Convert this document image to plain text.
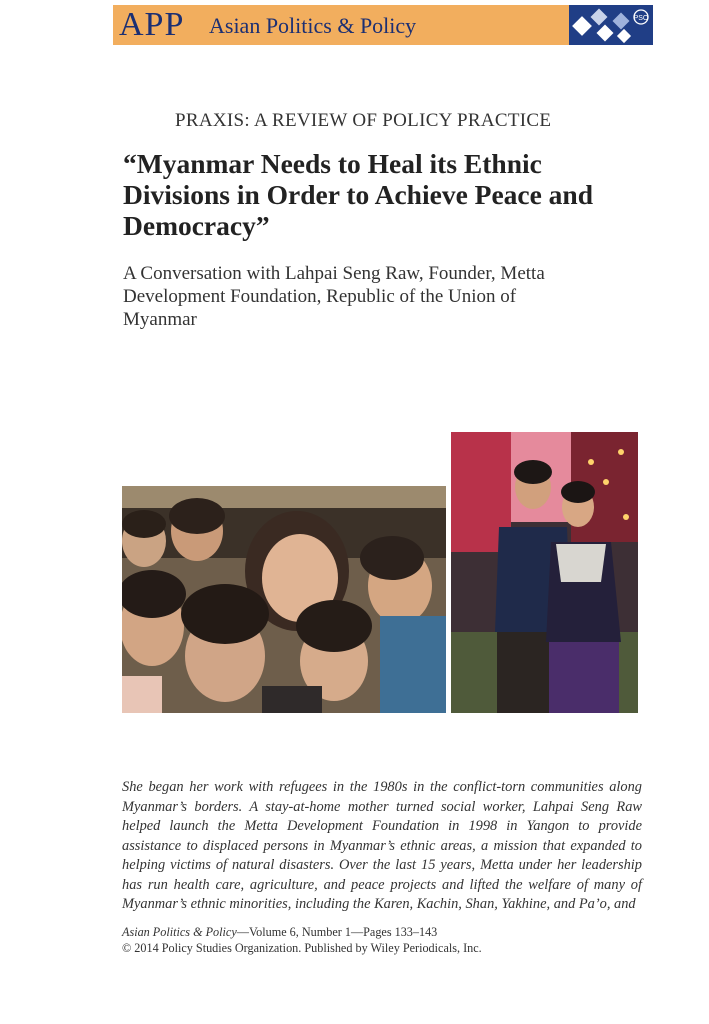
APP Asian Politics & Policy	PSO
PRAXIS: A REVIEW OF POLICY PRACTICE
“Myanmar Needs to Heal its Ethnic Divisions in Order to Achieve Peace and Democracy”
A Conversation with Lahpai Seng Raw, Founder, Metta Development Foundation, Republic of the Union of Myanmar

She began her work with refugees in the 1980s in the conflict-torn communities along Myanmar’s borders. A stay-at-home mother turned social worker, Lahpai Seng Raw helped launch the Metta Development Foundation in 1998 in Yangon to provide assistance to displaced persons in Myanmar’s ethnic areas, a mission that expanded to helping victims of natural disasters. Over the last 15 years, Metta under her leadership has run health care, agriculture, and peace projects and lifted the welfare of many of Myanmar’s ethnic minorities, including the Karen, Kachin, Shan, Yakhine, and Pa’o, and

Asian Politics & Policy—Volume 6, Number 1—Pages 133–143
© 2014 Policy Studies Organization. Published by Wiley Periodicals, Inc.
